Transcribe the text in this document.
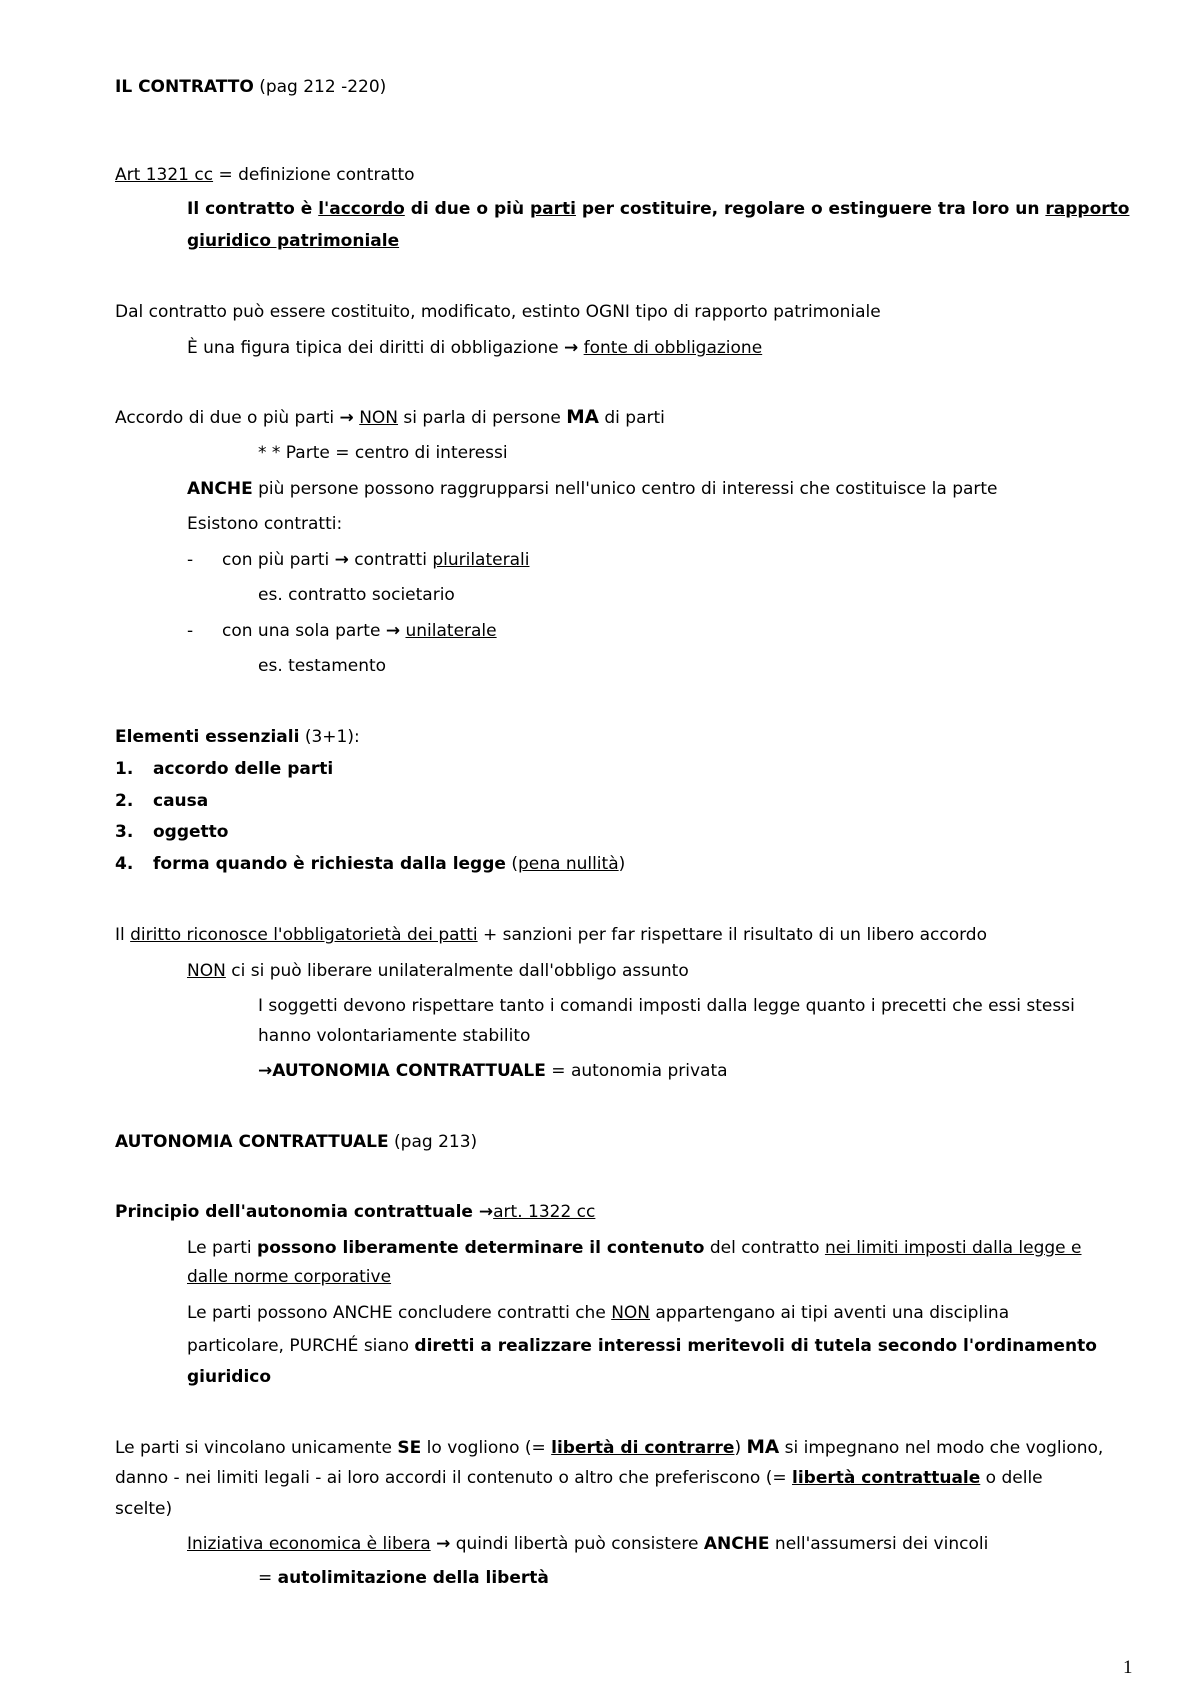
IL CONTRATTO (pag 212 -220)

Art 1321 cc = definizione contratto

Il contratto è l'accordo di due o più parti per costituire, regolare o estinguere tra loro un rapporto

giuridico patrimoniale

Dal contratto può essere costituito, modificato, estinto OGNI tipo di rapporto patrimoniale

È una figura tipica dei diritti di obbligazione → fonte di obbligazione

Accordo di due o più parti → NON si parla di persone MA di parti

* * Parte = centro di interessi

ANCHE più persone possono raggrupparsi nell'unico centro di interessi che costituisce la parte

Esistono contratti:

- con più parti → contratti plurilaterali

es. contratto societario

- con una sola parte → unilaterale

es. testamento

Elementi essenziali (3+1):

1. accordo delle parti

2. causa

3. oggetto

4. forma quando è richiesta dalla legge (pena nullità)

Il diritto riconosce l'obbligatorietà dei patti + sanzioni per far rispettare il risultato di un libero accordo

NON ci si può liberare unilateralmente dall'obbligo assunto

I soggetti devono rispettare tanto i comandi imposti dalla legge quanto i precetti che essi stessi

hanno volontariamente stabilito

→AUTONOMIA CONTRATTUALE = autonomia privata

AUTONOMIA CONTRATTUALE (pag 213)

Principio dell'autonomia contrattuale →art. 1322 cc

Le parti possono liberamente determinare il contenuto del contratto nei limiti imposti dalla legge e

dalle norme corporative

Le parti possono ANCHE concludere contratti che NON appartengano ai tipi aventi una disciplina

particolare, PURCHÉ siano diretti a realizzare interessi meritevoli di tutela secondo l'ordinamento

giuridico

Le parti si vincolano unicamente SE lo vogliono (= libertà di contrarre) MA si impegnano nel modo che vogliono,

danno - nei limiti legali - ai loro accordi il contenuto o altro che preferiscono (= libertà contrattuale o delle

scelte)

Iniziativa economica è libera → quindi libertà può consistere ANCHE nell'assumersi dei vincoli

= autolimitazione della libertà

1
